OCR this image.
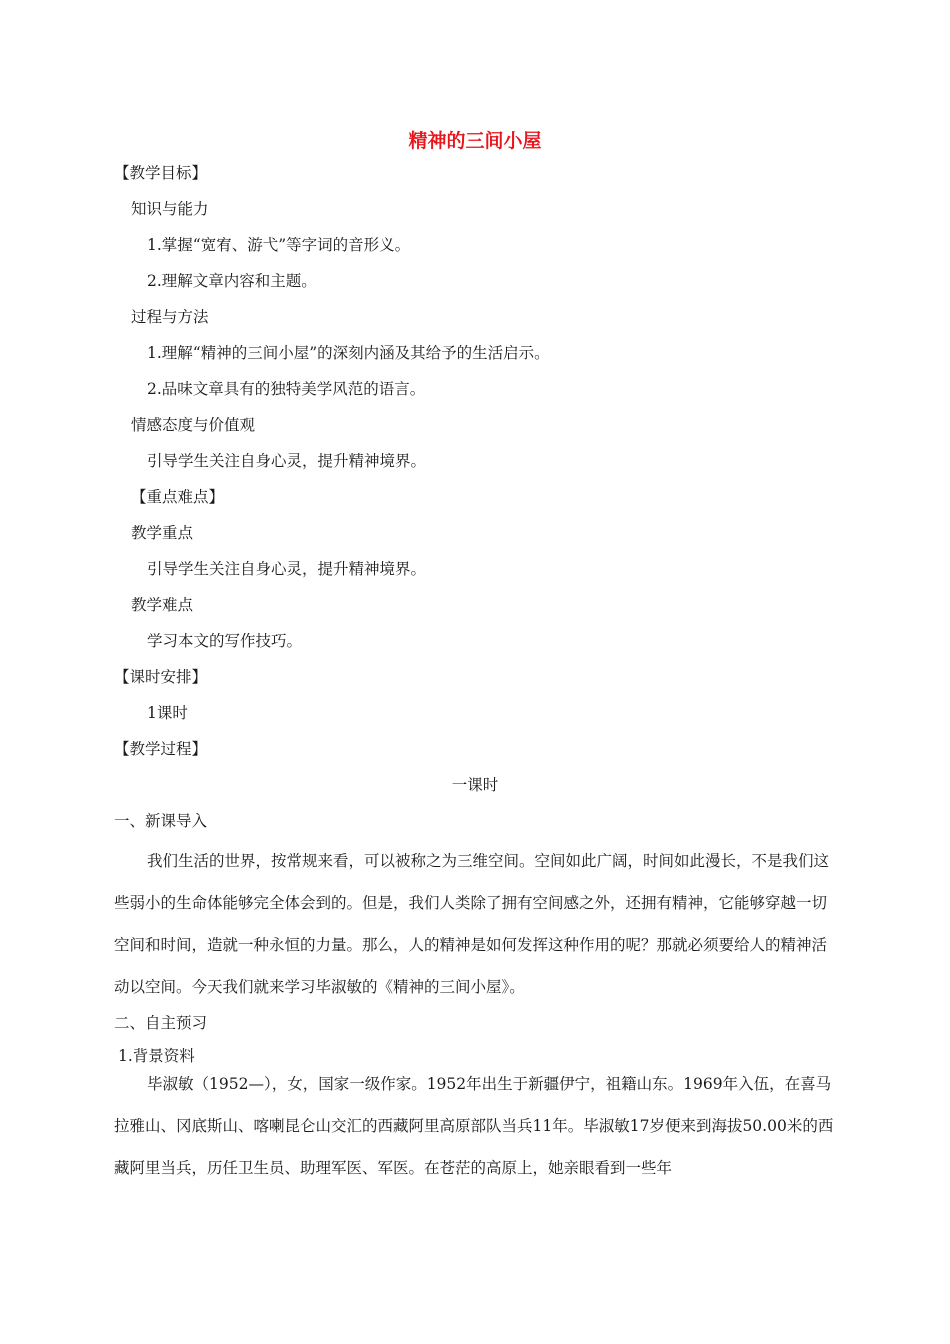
精神的三间小屋
【教学目标】
知识与能力
1.掌握“宽宥、游弋”等字词的音形义。
2.理解文章内容和主题。
过程与方法
1.理解“精神的三间小屋”的深刻内涵及其给予的生活启示。
2.品味文章具有的独特美学风范的语言。
情感态度与价值观
引导学生关注自身心灵，提升精神境界。
【重点难点】
教学重点
引导学生关注自身心灵，提升精神境界。
教学难点
学习本文的写作技巧。
【课时安排】
1课时
【教学过程】
一课时
一、新课导入
我们生活的世界，按常规来看，可以被称之为三维空间。空间如此广阔，时间如此漫长，不是我们这些弱小的生命体能够完全体会到的。但是，我们人类除了拥有空间感之外，还拥有精神，它能够穿越一切空间和时间，造就一种永恒的力量。那么，人的精神是如何发挥这种作用的呢？那就必须要给人的精神活动以空间。今天我们就来学习毕淑敏的《精神的三间小屋》。
二、自主预习
1.背景资料
毕淑敏（1952—），女，国家一级作家。1952年出生于新疆伊宁，祖籍山东。1969年入伍，在喜马拉雅山、冈底斯山、喀喇昆仑山交汇的西藏阿里高原部队当兵11年。毕淑敏17岁便来到海拔50.00米的西藏阿里当兵，历任卫生员、助理军医、军医。在苍茫的高原上，她亲眼看到一些年
